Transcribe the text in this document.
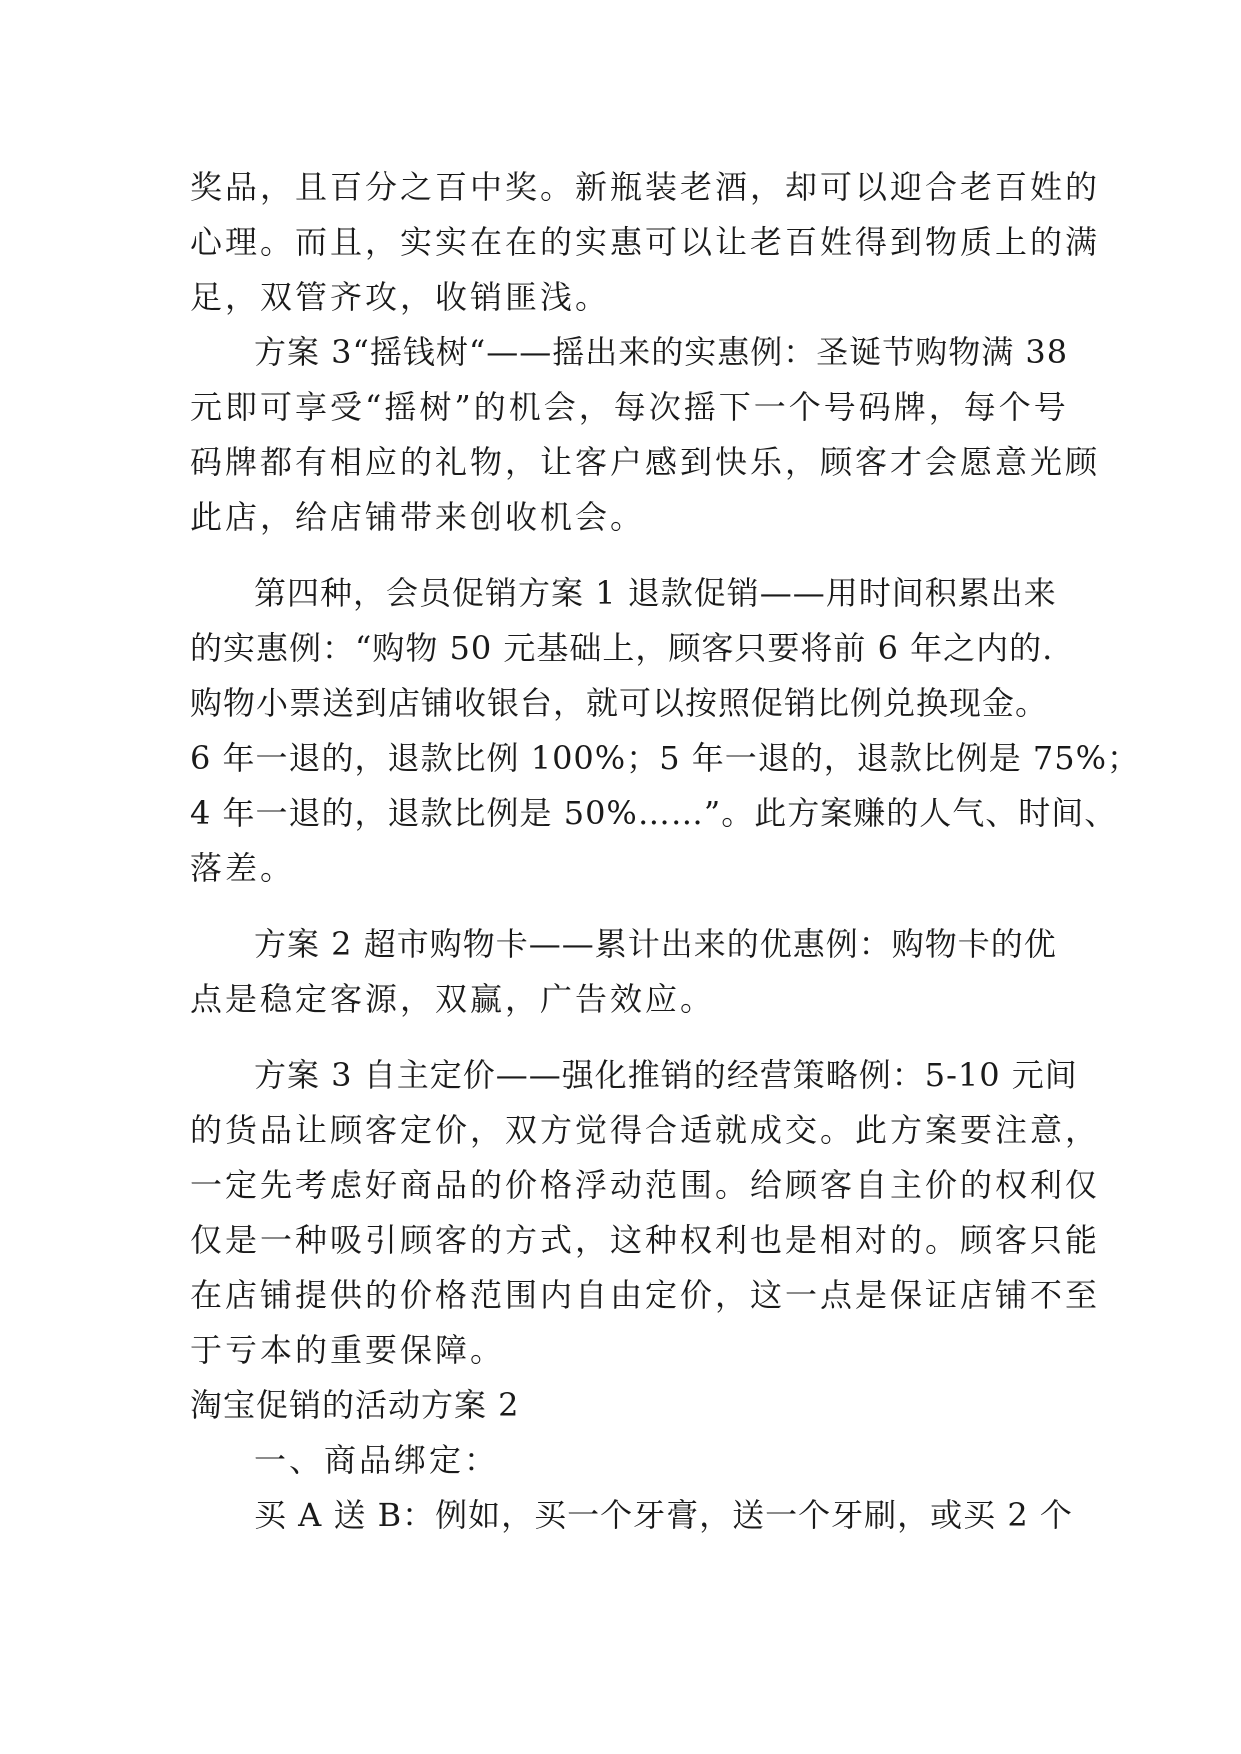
奖品，且百分之百中奖。新瓶装老酒，却可以迎合老百姓的
心理。而且，实实在在的实惠可以让老百姓得到物质上的满
足，双管齐攻，收销匪浅。
方案 3“摇钱树“——摇出来的实惠例：圣诞节购物满 38
元即可享受“摇树”的机会，每次摇下一个号码牌，每个号
码牌都有相应的礼物，让客户感到快乐，顾客才会愿意光顾
此店，给店铺带来创收机会。
第四种，会员促销方案 1 退款促销——用时间积累出来
的实惠例：“购物 50 元基础上，顾客只要将前 6 年之内的.
购物小票送到店铺收银台，就可以按照促销比例兑换现金。
6 年一退的，退款比例 100%；5 年一退的，退款比例是 75%；
4 年一退的，退款比例是 50%……”。此方案赚的人气、时间、
落差。
方案 2 超市购物卡——累计出来的优惠例：购物卡的优
点是稳定客源，双赢，广告效应。
方案 3 自主定价——强化推销的经营策略例：5-10 元间
的货品让顾客定价，双方觉得合适就成交。此方案要注意，
一定先考虑好商品的价格浮动范围。给顾客自主价的权利仅
仅是一种吸引顾客的方式，这种权利也是相对的。顾客只能
在店铺提供的价格范围内自由定价，这一点是保证店铺不至
于亏本的重要保障。
淘宝促销的活动方案 2
一、商品绑定：
买 A 送 B：例如，买一个牙膏，送一个牙刷，或买 2 个
